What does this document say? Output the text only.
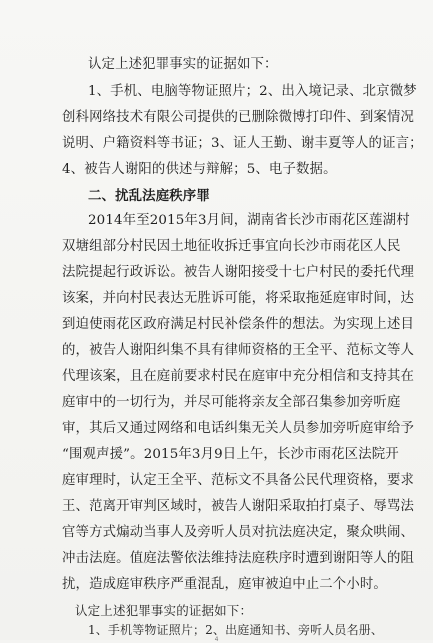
认定上述犯罪事实的证据如下：
1、手机、电脑等物证照片；2、出入境记录、北京微梦
创科网络技术有限公司提供的已删除微博打印件、到案情况
说明、户籍资料等书证；3、证人王勤、谢丰夏等人的证言；
4、被告人谢阳的供述与辩解；5、电子数据。
二、扰乱法庭秩序罪
2014年至2015年3月间，湖南省长沙市雨花区莲湖村
双塘组部分村民因土地征收拆迁事宜向长沙市雨花区人民
法院提起行政诉讼。被告人谢阳接受十七户村民的委托代理
该案，并向村民表达无胜诉可能，将采取拖延庭审时间，达
到迫使雨花区政府满足村民补偿条件的想法。为实现上述目
的，被告人谢阳纠集不具有律师资格的王全平、范标文等人
代理该案，且在庭前要求村民在庭审中充分相信和支持其在
庭审中的一切行为，并尽可能将亲友全部召集参加旁听庭
审，其后又通过网络和电话纠集无关人员参加旁听庭审给予
“围观声援”。2015年3月9日上午，长沙市雨花区法院开
庭审理时，认定王全平、范标文不具备公民代理资格，要求
王、范离开审判区域时，被告人谢阳采取拍打桌子、辱骂法
官等方式煽动当事人及旁听人员对抗法庭决定，聚众哄闹、
冲击法庭。值庭法警依法维持法庭秩序时遭到谢阳等人的阻
扰，造成庭审秩序严重混乱，庭审被迫中止二个小时。
认定上述犯罪事实的证据如下：
1、手机等物证照片；2、出庭通知书、旁听人员名册、
4
